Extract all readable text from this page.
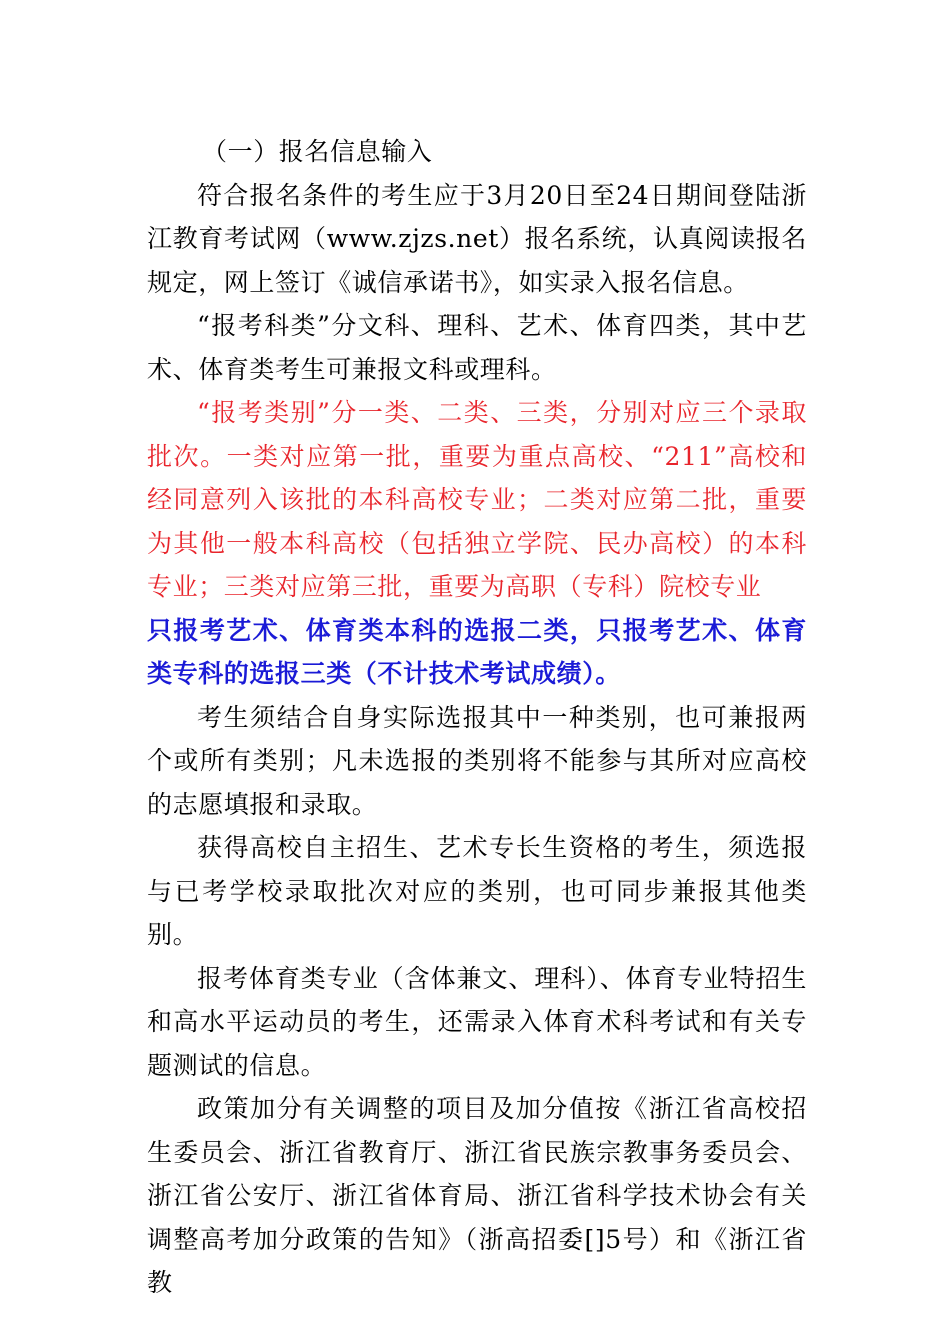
（一）报名信息输入

符合报名条件的考生应于3月20日至24日期间登陆浙江教育考试网（www.zjzs.net）报名系统，认真阅读报名规定，网上签订《诚信承诺书》，如实录入报名信息。

“报考科类”分文科、理科、艺术、体育四类，其中艺术、体育类考生可兼报文科或理科。

“报考类别”分一类、二类、三类，分别对应三个录取批次。一类对应第一批，重要为重点高校、“211”高校和经同意列入该批的本科高校专业；二类对应第二批，重要为其他一般本科高校（包括独立学院、民办高校）的本科专业；三类对应第三批，重要为高职（专科）院校专业

只报考艺术、体育类本科的选报二类，只报考艺术、体育类专科的选报三类（不计技术考试成绩）。

考生须结合自身实际选报其中一种类别，也可兼报两个或所有类别；凡未选报的类别将不能参与其所对应高校的志愿填报和录取。

获得高校自主招生、艺术专长生资格的考生，须选报与已考学校录取批次对应的类别，也可同步兼报其他类别。

报考体育类专业（含体兼文、理科）、体育专业特招生和高水平运动员的考生，还需录入体育术科考试和有关专题测试的信息。

政策加分有关调整的项目及加分值按《浙江省高校招生委员会、浙江省教育厅、浙江省民族宗教事务委员会、浙江省公安厅、浙江省体育局、浙江省科学技术协会有关调整高考加分政策的告知》（浙高招委[]5号）和《浙江省教
